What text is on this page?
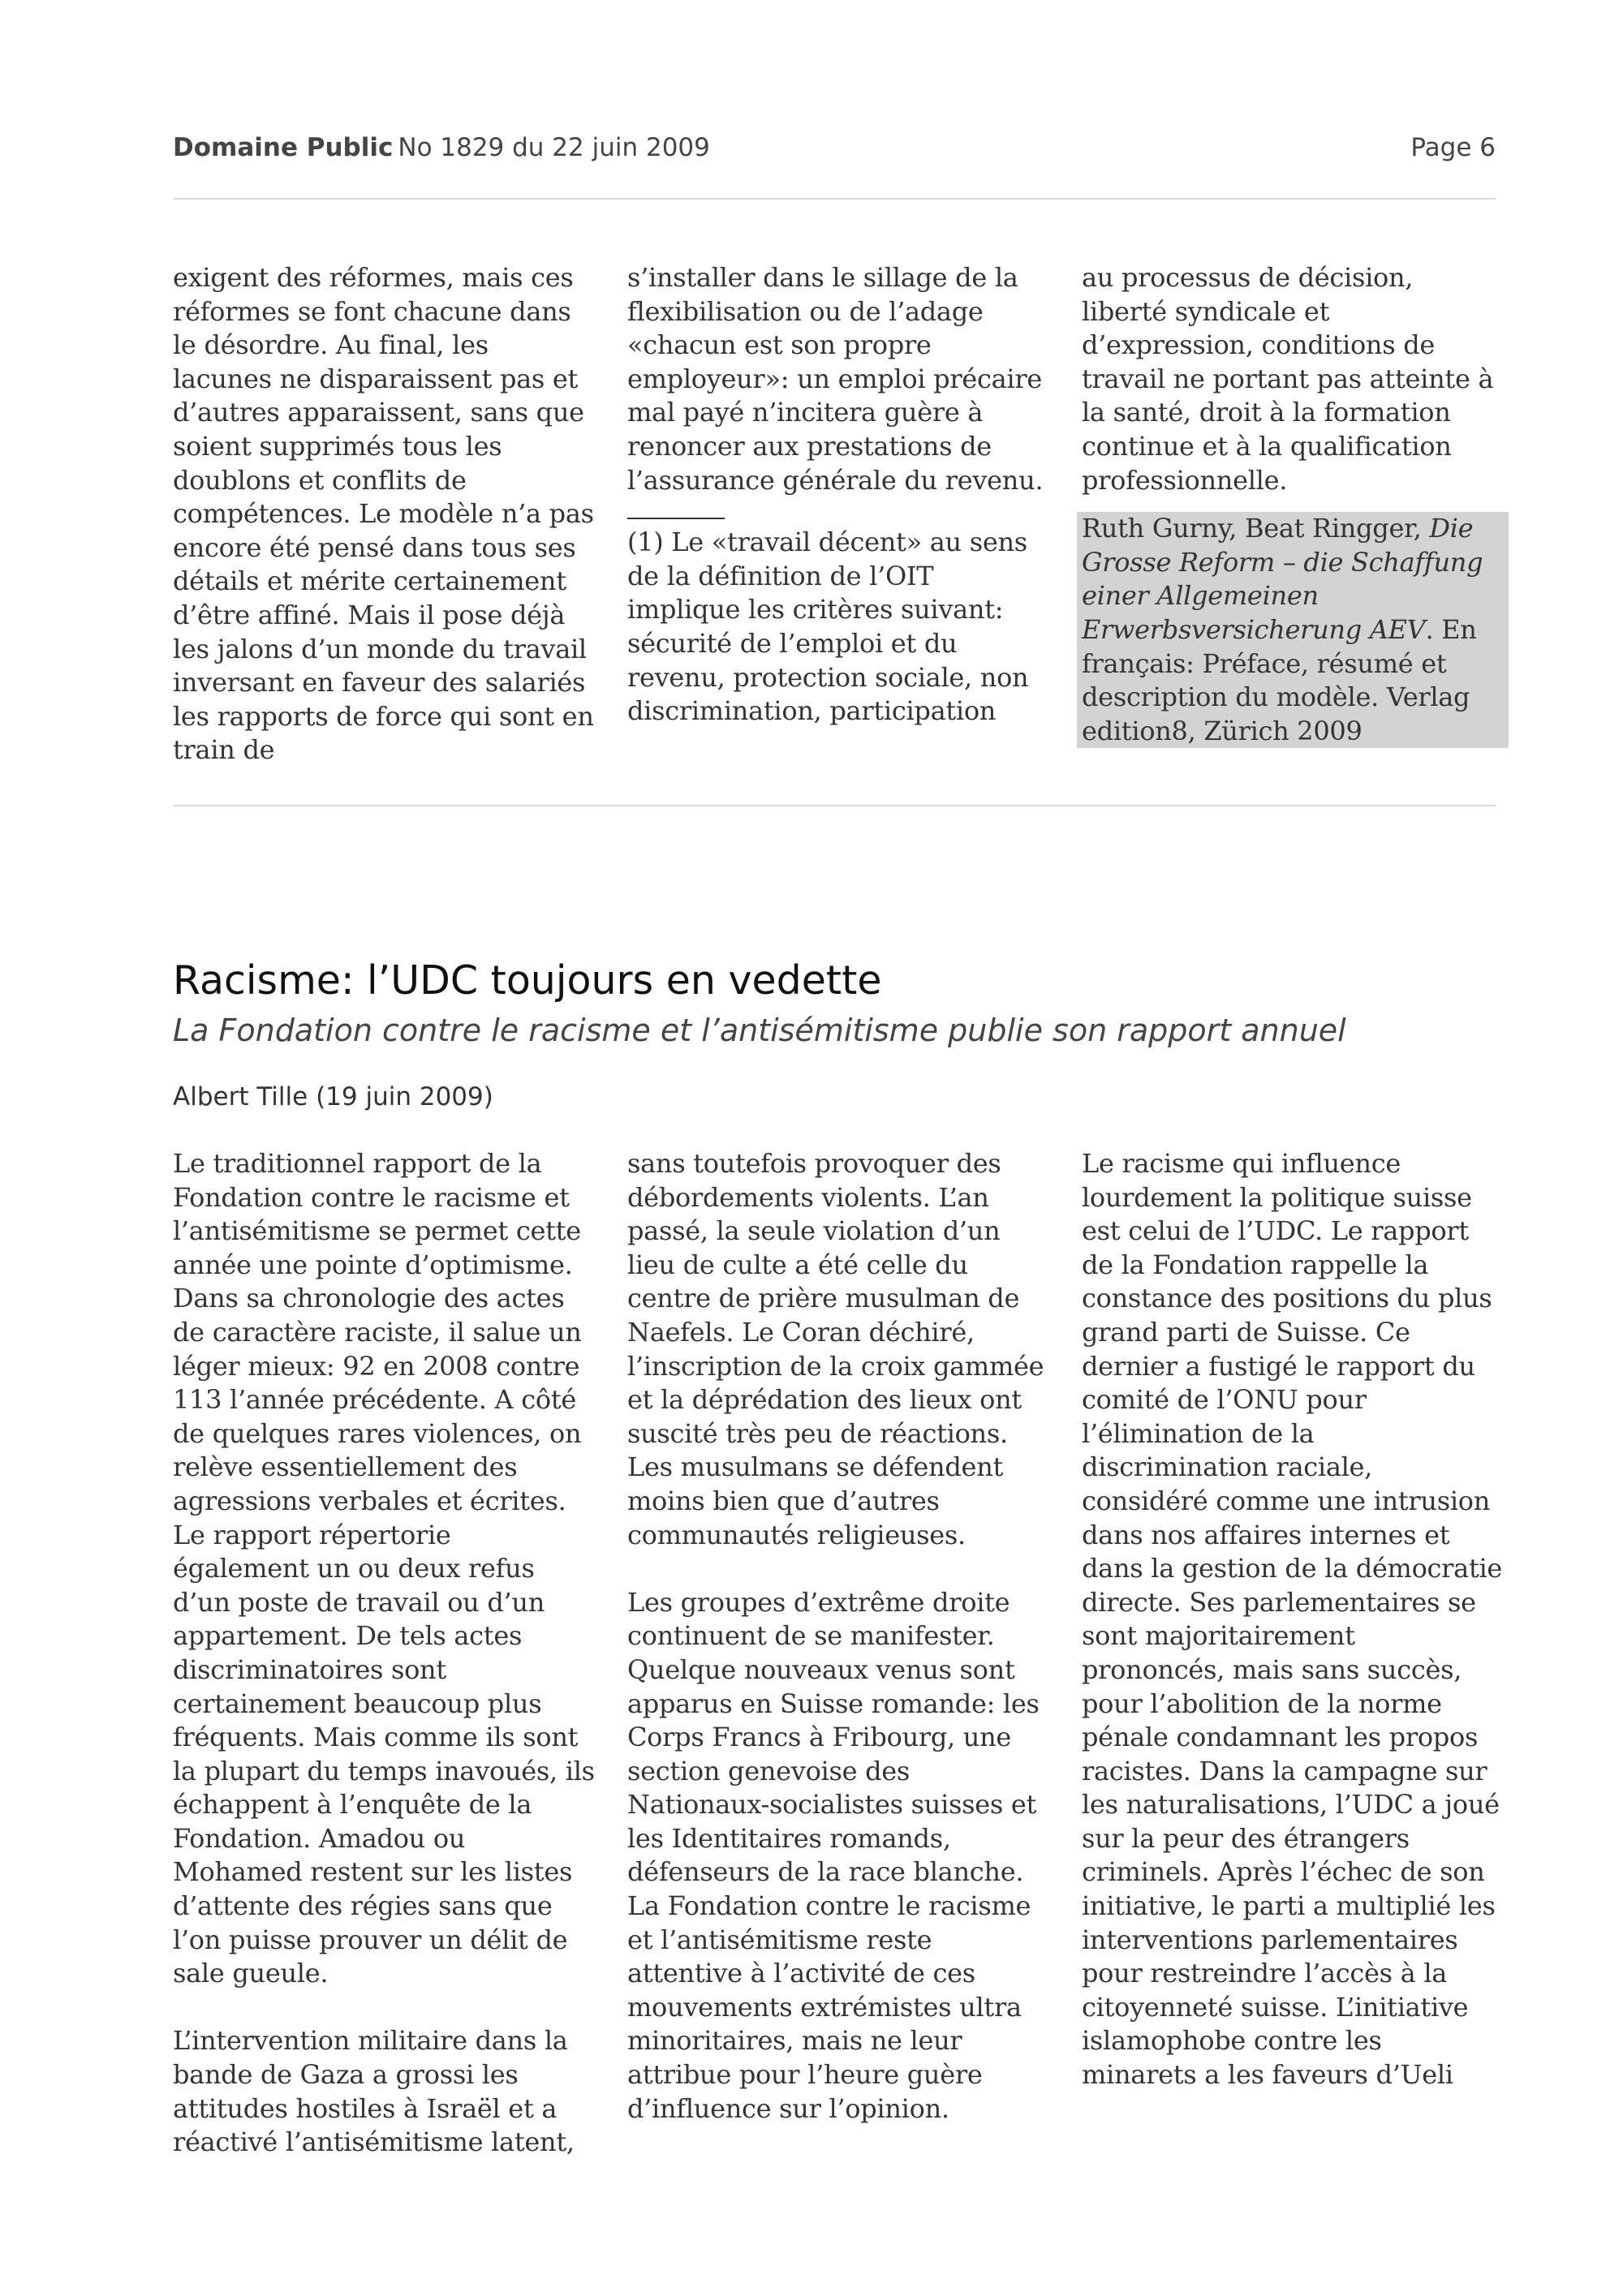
Domaine Public No 1829 du 22 juin 2009	Page 6

exigent des réformes, mais ces réformes se font chacune dans le désordre. Au final, les lacunes ne disparaissent pas et d’autres apparaissent, sans que soient supprimés tous les doublons et conflits de compétences. Le modèle n’a pas encore été pensé dans tous ses détails et mérite certainement d’être affiné. Mais il pose déjà les jalons d’un monde du travail inversant en faveur des salariés les rapports de force qui sont en train de

s’installer dans le sillage de la flexibilisation ou de l’adage «chacun est son propre employeur»: un emploi précaire mal payé n’incitera guère à renoncer aux prestations de l’assurance générale du revenu.

(1) Le «travail décent» au sens de la définition de l’OIT implique les critères suivant: sécurité de l’emploi et du revenu, protection sociale, non discrimination, participation

au processus de décision, liberté syndicale et d’expression, conditions de travail ne portant pas atteinte à la santé, droit à la formation continue et à la qualification professionnelle.

Ruth Gurny, Beat Ringger, Die Grosse Reform – die Schaffung einer Allgemeinen Erwerbsversicherung AEV. En français: Préface, résumé et description du modèle. Verlag edition8, Zürich 2009
Racisme: l’UDC toujours en vedette
La Fondation contre le racisme et l’antisémitisme publie son rapport annuel
Albert Tille (19 juin 2009)

Le traditionnel rapport de la Fondation contre le racisme et l’antisémitisme se permet cette année une pointe d’optimisme. Dans sa chronologie des actes de caractère raciste, il salue un léger mieux: 92 en 2008 contre 113 l’année précédente. A côté de quelques rares violences, on relève essentiellement des agressions verbales et écrites. Le rapport répertorie également un ou deux refus d’un poste de travail ou d’un appartement. De tels actes discriminatoires sont certainement beaucoup plus fréquents. Mais comme ils sont la plupart du temps inavoués, ils échappent à l’enquête de la Fondation. Amadou ou Mohamed restent sur les listes d’attente des régies sans que l’on puisse prouver un délit de sale gueule.

L’intervention militaire dans la bande de Gaza a grossi les attitudes hostiles à Israël et a réactivé l’antisémitisme latent,

sans toutefois provoquer des débordements violents. L’an passé, la seule violation d’un lieu de culte a été celle du centre de prière musulman de Naefels. Le Coran déchiré, l’inscription de la croix gammée et la déprédation des lieux ont suscité très peu de réactions. Les musulmans se défendent moins bien que d’autres communautés religieuses.

Les groupes d’extrême droite continuent de se manifester. Quelque nouveaux venus sont apparus en Suisse romande: les Corps Francs à Fribourg, une section genevoise des Nationaux-socialistes suisses et les Identitaires romands, défenseurs de la race blanche. La Fondation contre le racisme et l’antisémitisme reste attentive à l’activité de ces mouvements extrémistes ultra minoritaires, mais ne leur attribue pour l’heure guère d’influence sur l’opinion.

Le racisme qui influence lourdement la politique suisse est celui de l’UDC. Le rapport de la Fondation rappelle la constance des positions du plus grand parti de Suisse. Ce dernier a fustigé le rapport du comité de l’ONU pour l’élimination de la discrimination raciale, considéré comme une intrusion dans nos affaires internes et dans la gestion de la démocratie directe. Ses parlementaires se sont majoritairement prononcés, mais sans succès, pour l’abolition de la norme pénale condamnant les propos racistes. Dans la campagne sur les naturalisations, l’UDC a joué sur la peur des étrangers criminels. Après l’échec de son initiative, le parti a multiplié les interventions parlementaires pour restreindre l’accès à la citoyenneté suisse. L’initiative islamophobe contre les minarets a les faveurs d’Ueli
